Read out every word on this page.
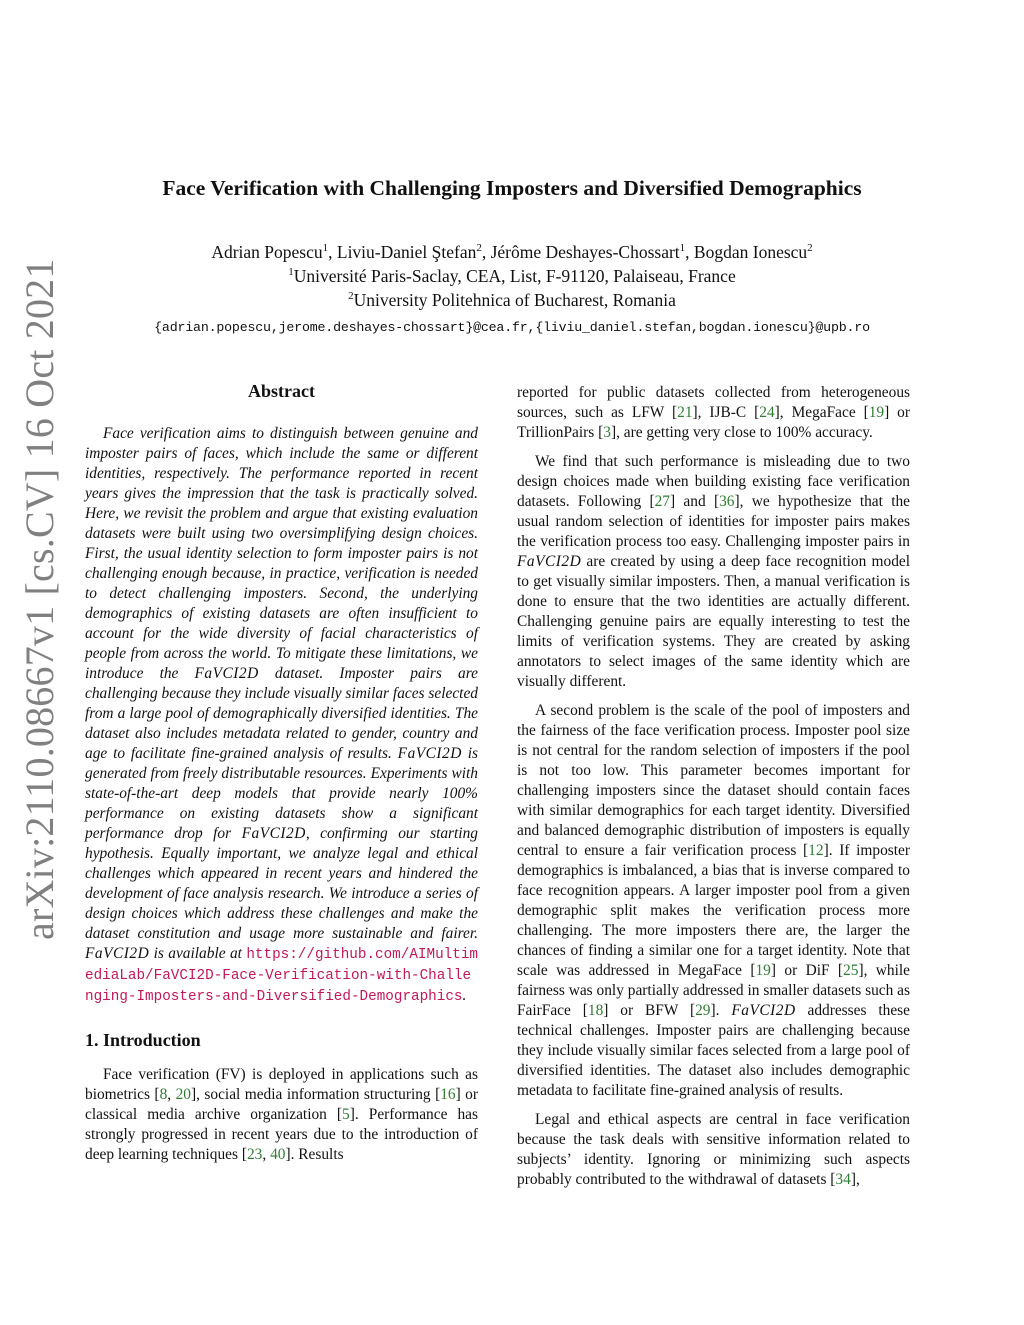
arXiv:2110.08667v1 [cs.CV] 16 Oct 2021
Face Verification with Challenging Imposters and Diversified Demographics
Adrian Popescu$^1$, Liviu-Daniel Ştefan$^2$, Jérôme Deshayes-Chossart$^1$, Bogdan Ionescu$^2$
$^1$Université Paris-Saclay, CEA, List, F-91120, Palaiseau, France
$^2$University Politehnica of Bucharest, Romania
{adrian.popescu,jerome.deshayes-chossart}@cea.fr,{liviu_daniel.stefan,bogdan.ionescu}@upb.ro
Abstract

Face verification aims to distinguish between genuine and imposter pairs of faces, which include the same or different identities, respectively. The performance reported in recent years gives the impression that the task is practically solved. Here, we revisit the problem and argue that existing evaluation datasets were built using two oversimplifying design choices. First, the usual identity selection to form imposter pairs is not challenging enough because, in practice, verification is needed to detect challenging imposters. Second, the underlying demographics of existing datasets are often insufficient to account for the wide diversity of facial characteristics of people from across the world. To mitigate these limitations, we introduce the FaVCI2D dataset. Imposter pairs are challenging because they include visually similar faces selected from a large pool of demographically diversified identities. The dataset also includes metadata related to gender, country and age to facilitate fine-grained analysis of results. FaVCI2D is generated from freely distributable resources. Experiments with state-of-the-art deep models that provide nearly 100% performance on existing datasets show a significant performance drop for FaVCI2D, confirming our starting hypothesis. Equally important, we analyze legal and ethical challenges which appeared in recent years and hindered the development of face analysis research. We introduce a series of design choices which address these challenges and make the dataset constitution and usage more sustainable and fairer. FaVCI2D is available at https://github.com/AIMultimediaLab/FaVCI2D-Face-Verification-with-Challenging-Imposters-and-Diversified-Demographics.

1. Introduction

Face verification (FV) is deployed in applications such as biometrics [8, 20], social media information structuring [16] or classical media archive organization [5]. Performance has strongly progressed in recent years due to the introduction of deep learning techniques [23, 40]. Results

reported for public datasets collected from heterogeneous sources, such as LFW [21], IJB-C [24], MegaFace [19] or TrillionPairs [3], are getting very close to 100% accuracy.

We find that such performance is misleading due to two design choices made when building existing face verification datasets. Following [27] and [36], we hypothesize that the usual random selection of identities for imposter pairs makes the verification process too easy. Challenging imposter pairs in FaVCI2D are created by using a deep face recognition model to get visually similar imposters. Then, a manual verification is done to ensure that the two identities are actually different. Challenging genuine pairs are equally interesting to test the limits of verification systems. They are created by asking annotators to select images of the same identity which are visually different.

A second problem is the scale of the pool of imposters and the fairness of the face verification process. Imposter pool size is not central for the random selection of imposters if the pool is not too low. This parameter becomes important for challenging imposters since the dataset should contain faces with similar demographics for each target identity. Diversified and balanced demographic distribution of imposters is equally central to ensure a fair verification process [12]. If imposter demographics is imbalanced, a bias that is inverse compared to face recognition appears. A larger imposter pool from a given demographic split makes the verification process more challenging. The more imposters there are, the larger the chances of finding a similar one for a target identity. Note that scale was addressed in MegaFace [19] or DiF [25], while fairness was only partially addressed in smaller datasets such as FairFace [18] or BFW [29]. FaVCI2D addresses these technical challenges. Imposter pairs are challenging because they include visually similar faces selected from a large pool of diversified identities. The dataset also includes demographic metadata to facilitate fine-grained analysis of results.

Legal and ethical aspects are central in face verification because the task deals with sensitive information related to subjects’ identity. Ignoring or minimizing such aspects probably contributed to the withdrawal of datasets [34],
